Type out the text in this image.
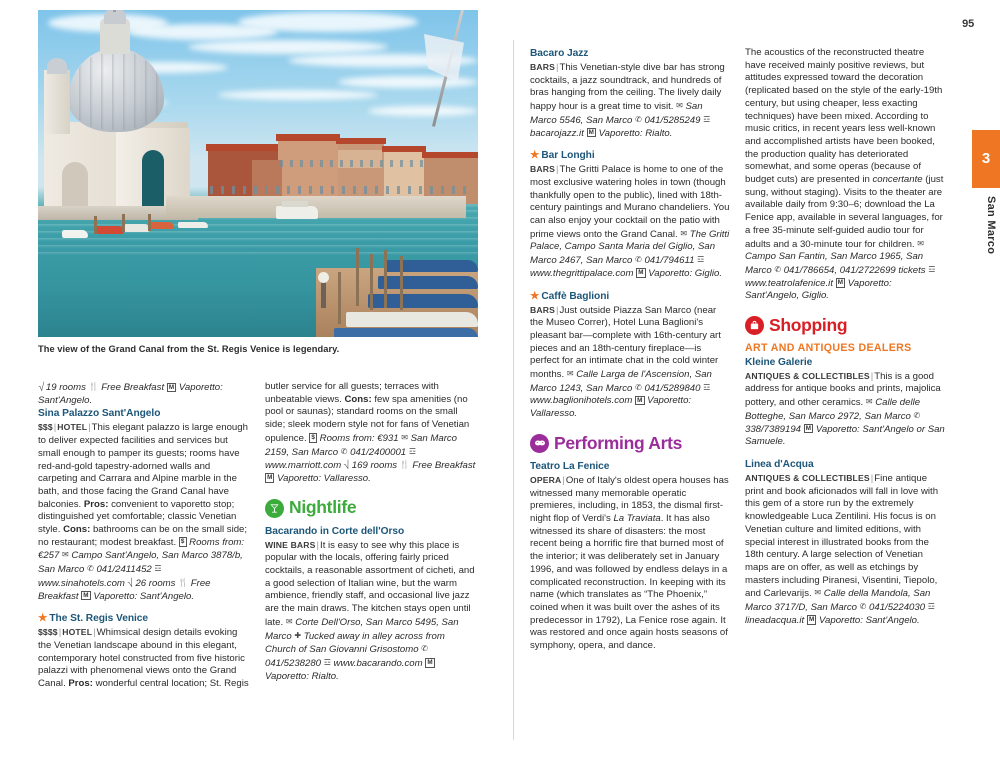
95
3
San Marco
The view of the Grand Canal from the St. Regis Venice is legendary.

⎷ 19 rooms 🍴 Free Breakfast M Vaporetto: Sant'Angelo.

Sina Palazzo Sant'Angelo

$$$|HOTEL|This elegant palazzo is large enough to deliver expected facilities and services but small enough to pamper its guests; rooms have red-and-gold tapestry-adorned walls and carpeting and Carrara and Alpine marble in the bath, and those facing the Grand Canal have balconies. Pros: convenient to vaporetto stop; distinguished yet comfortable; classic Venetian style. Cons: bathrooms can be on the small side; no restaurant; modest breakfast. $ Rooms from: €257 ✉ Campo Sant'Angelo, San Marco 3878/b, San Marco ✆ 041/2411452 ☲ www.sinahotels.com ⎷ 26 rooms 🍴 Free Breakfast M Vaporetto: Sant'Angelo.

★ The St. Regis Venice

$$$$|HOTEL|Whimsical design details evoking the Venetian landscape abound in this elegant, contemporary hotel constructed from five historic palazzi with phenomenal views onto the Grand Canal. Pros: wonderful central location; St. Regis

butler service for all guests; terraces with unbeatable views. Cons: few spa amenities (no pool or saunas); standard rooms on the small side; sleek modern style not for fans of Venetian opulence. $ Rooms from: €931 ✉ San Marco 2159, San Marco ✆ 041/2400001 ☲ www.marriott.com ⎷ 169 rooms 🍴 Free Breakfast M Vaporetto: Vallaresso.

Nightlife
Bacarando in Corte dell'Orso

WINE BARS|It is easy to see why this place is popular with the locals, offering fairly priced cocktails, a reasonable assortment of cicheti, and a good selection of Italian wine, but the warm ambience, friendly staff, and occasional live jazz are the main draws. The kitchen stays open until late. ✉ Corte Dell'Orso, San Marco 5495, San Marco ✚ Tucked away in alley across from Church of San Giovanni Grisostomo ✆ 041/5238280 ☲ www.bacarando.com M Vaporetto: Rialto.

Bacaro Jazz

BARS|This Venetian-style dive bar has strong cocktails, a jazz soundtrack, and hundreds of bras hanging from the ceiling. The lively daily happy hour is a great time to visit. ✉ San Marco 5546, San Marco ✆ 041/5285249 ☲ bacarojazz.it M Vaporetto: Rialto.

★ Bar Longhi

BARS|The Gritti Palace is home to one of the most exclusive watering holes in town (though thankfully open to the public), lined with 18th-century paintings and Murano chandeliers. You can also enjoy your cocktail on the patio with prime views onto the Grand Canal. ✉ The Gritti Palace, Campo Santa Maria del Giglio, San Marco 2467, San Marco ✆ 041/794611 ☲ www.thegrittipalace.com M Vaporetto: Giglio.

★ Caffè Baglioni

BARS|Just outside Piazza San Marco (near the Museo Correr), Hotel Luna Baglioni's pleasant bar—complete with 16th-century art pieces and an 18th-century fireplace—is perfect for an intimate chat in the cold winter months. ✉ Calle Larga de l'Ascension, San Marco 1243, San Marco ✆ 041/5289840 ☲ www.baglionihotels.com M Vaporetto: Vallaresso.

Performing Arts
Teatro La Fenice

OPERA|One of Italy's oldest opera houses has witnessed many memorable operatic premieres, including, in 1853, the dismal first-night flop of Verdi's La Traviata. It has also witnessed its share of disasters: the most recent being a horrific fire that burned most of the interior; it was deliberately set in January 1996, and was followed by endless delays in a complicated reconstruction. In keeping with its name (which translates as “The Phoenix,” coined when it was built over the ashes of its predecessor in 1792), La Fenice rose again. It was restored and once again hosts seasons of symphony, opera, and dance.

The acoustics of the reconstructed theatre have received mainly positive reviews, but attitudes expressed toward the decoration (replicated based on the style of the early-19th century, but using cheaper, less exacting techniques) have been mixed. According to music critics, in recent years less well-known and accomplished artists have been booked, the production quality has deteriorated somewhat, and some operas (because of budget cuts) are presented in concertante (just sung, without staging). Visits to the theater are available daily from 9:30–6; download the La Fenice app, available in several languages, for a free 35-minute self-guided audio tour for adults and a 30-minute tour for children. ✉ Campo San Fantin, San Marco 1965, San Marco ✆ 041/786654, 041/2722699 tickets ☲ www.teatrolafenice.it M Vaporetto: Sant'Angelo, Giglio.

Shopping
ART AND ANTIQUES DEALERS
Kleine Galerie

ANTIQUES & COLLECTIBLES|This is a good address for antique books and prints, majolica pottery, and other ceramics. ✉ Calle delle Botteghe, San Marco 2972, San Marco ✆ 338/7389194 M Vaporetto: Sant'Angelo or San Samuele.

Linea d'Acqua

ANTIQUES & COLLECTIBLES|Fine antique print and book aficionados will fall in love with this gem of a store run by the extremely knowledgeable Luca Zentilini. His focus is on Venetian culture and limited editions, with special interest in illustrated books from the 18th century. A large selection of Venetian maps are on offer, as well as etchings by masters including Piranesi, Visentini, Tiepolo, and Carlevarijs. ✉ Calle della Mandola, San Marco 3717/D, San Marco ✆ 041/5224030 ☲ lineadacqua.it M Vaporetto: Sant'Angelo.
